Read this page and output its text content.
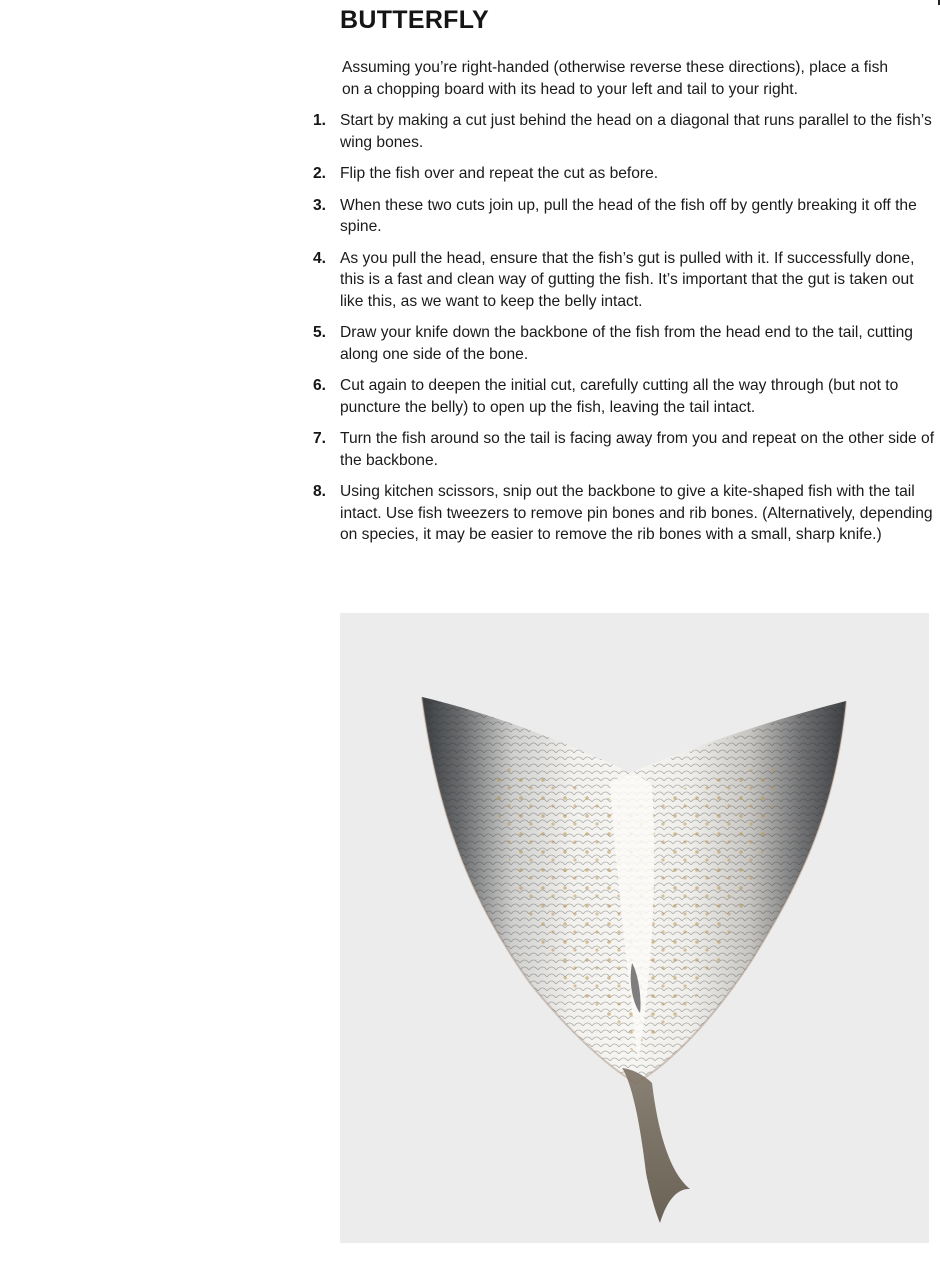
BUTTERFLY

Assuming you’re right-handed (otherwise reverse these directions), place a fish on a chopping board with its head to your left and tail to your right.

1. Start by making a cut just behind the head on a diagonal that runs parallel to the fish’s wing bones.
2. Flip the fish over and repeat the cut as before.
3. When these two cuts join up, pull the head of the fish off by gently breaking it off the spine.
4. As you pull the head, ensure that the fish’s gut is pulled with it. If successfully done, this is a fast and clean way of gutting the fish. It’s important that the gut is taken out like this, as we want to keep the belly intact.
5. Draw your knife down the backbone of the fish from the head end to the tail, cutting along one side of the bone.
6. Cut again to deepen the initial cut, carefully cutting all the way through (but not to puncture the belly) to open up the fish, leaving the tail intact.
7. Turn the fish around so the tail is facing away from you and repeat on the other side of the backbone.
8. Using kitchen scissors, snip out the backbone to give a kite-shaped fish with the tail intact. Use fish tweezers to remove pin bones and rib bones. (Alternatively, depending on species, it may be easier to remove the rib bones with a small, sharp knife.)
